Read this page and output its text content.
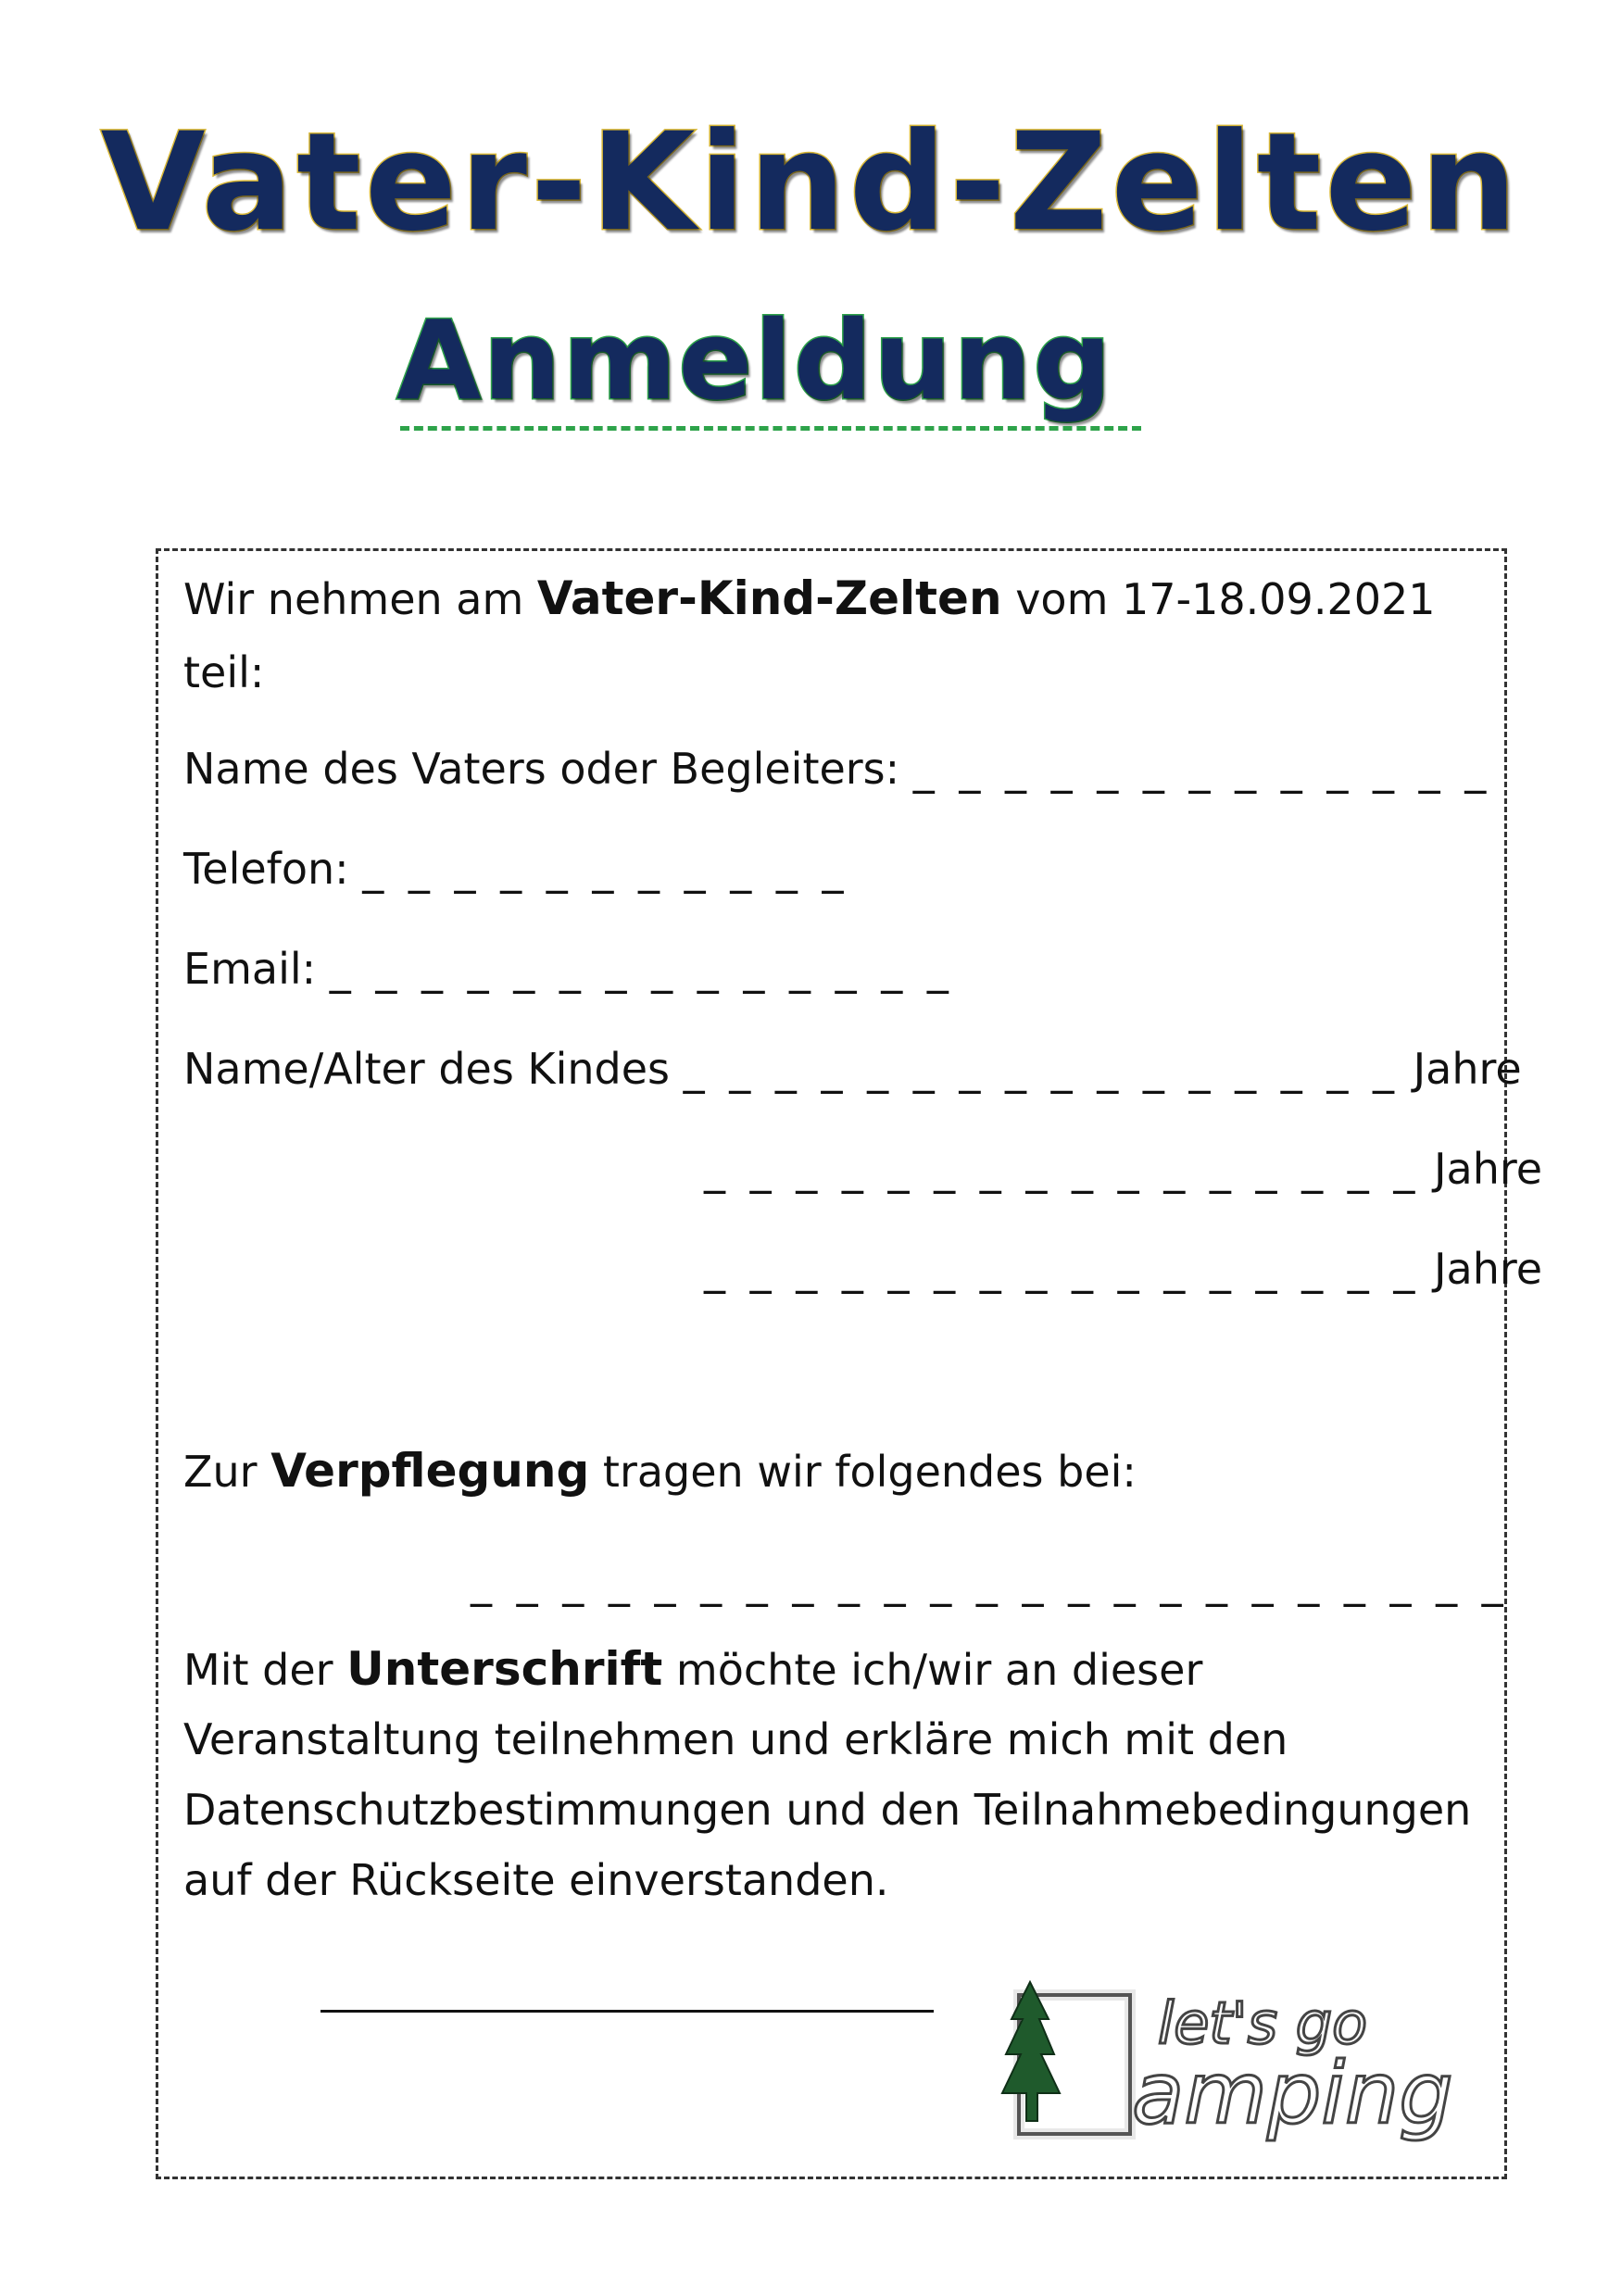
Vater-Kind-Zelten
Anmeldung
Wir nehmen am Vater-Kind-Zelten vom 17-18.09.2021
teil:
Name des Vaters oder Begleiters: _ _ _ _ _ _ _ _ _ _ _ _ _
Telefon: _ _ _ _ _ _ _ _ _ _ _
Email: _ _ _ _ _ _ _ _ _ _ _ _ _ _
Name/Alter des Kindes _ _ _ _ _ _ _ _ _ _ _ _ _ _ _ _ Jahre
_ _ _ _ _ _ _ _ _ _ _ _ _ _ _ _ Jahre
_ _ _ _ _ _ _ _ _ _ _ _ _ _ _ _ Jahre
Zur Verpflegung tragen wir folgendes bei:
_ _ _ _ _ _ _ _ _ _ _ _ _ _ _ _ _ _ _ _ _ _ _
Mit der Unterschrift möchte ich/wir an dieser
Veranstaltung teilnehmen und erkläre mich mit den
Datenschutzbestimmungen und den Teilnahmebedingungen
auf der Rückseite einverstanden.
let's go
amping
